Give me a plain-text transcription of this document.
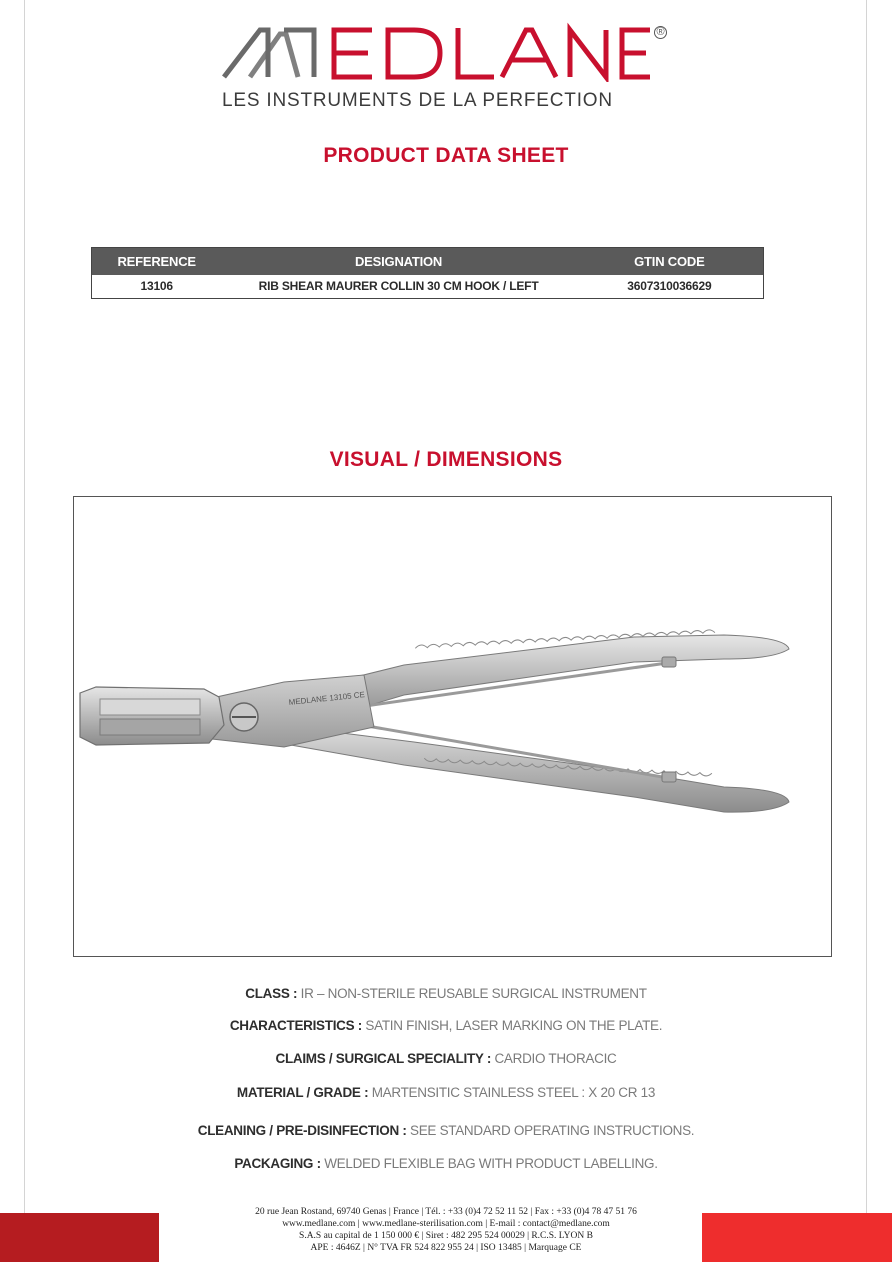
®
LES INSTRUMENTS DE LA PERFECTION
PRODUCT DATA SHEET
REFERENCE	DESIGNATION	GTIN CODE
13106	RIB SHEAR MAURER COLLIN 30 CM HOOK / LEFT	3607310036629
VISUAL / DIMENSIONS
MEDLANE 13105 CE
CLASS : IR – NON-STERILE REUSABLE SURGICAL INSTRUMENT
CHARACTERISTICS : SATIN FINISH, LASER MARKING ON THE PLATE.
CLAIMS / SURGICAL SPECIALITY : CARDIO THORACIC
MATERIAL / GRADE : MARTENSITIC STAINLESS STEEL : X 20 CR 13
CLEANING / PRE-DISINFECTION : SEE STANDARD OPERATING INSTRUCTIONS.
PACKAGING : WELDED FLEXIBLE BAG WITH PRODUCT LABELLING.
20 rue Jean Rostand, 69740 Genas | France | Tél. : +33 (0)4 72 52 11 52 | Fax : +33 (0)4 78 47 51 76
www.medlane.com | www.medlane-sterilisation.com | E-mail : contact@medlane.com
S.A.S au capital de 1 150 000 € | Siret : 482 295 524 00029 | R.C.S. LYON B
APE : 4646Z | N° TVA FR 524 822 955 24 | ISO 13485 | Marquage CE
